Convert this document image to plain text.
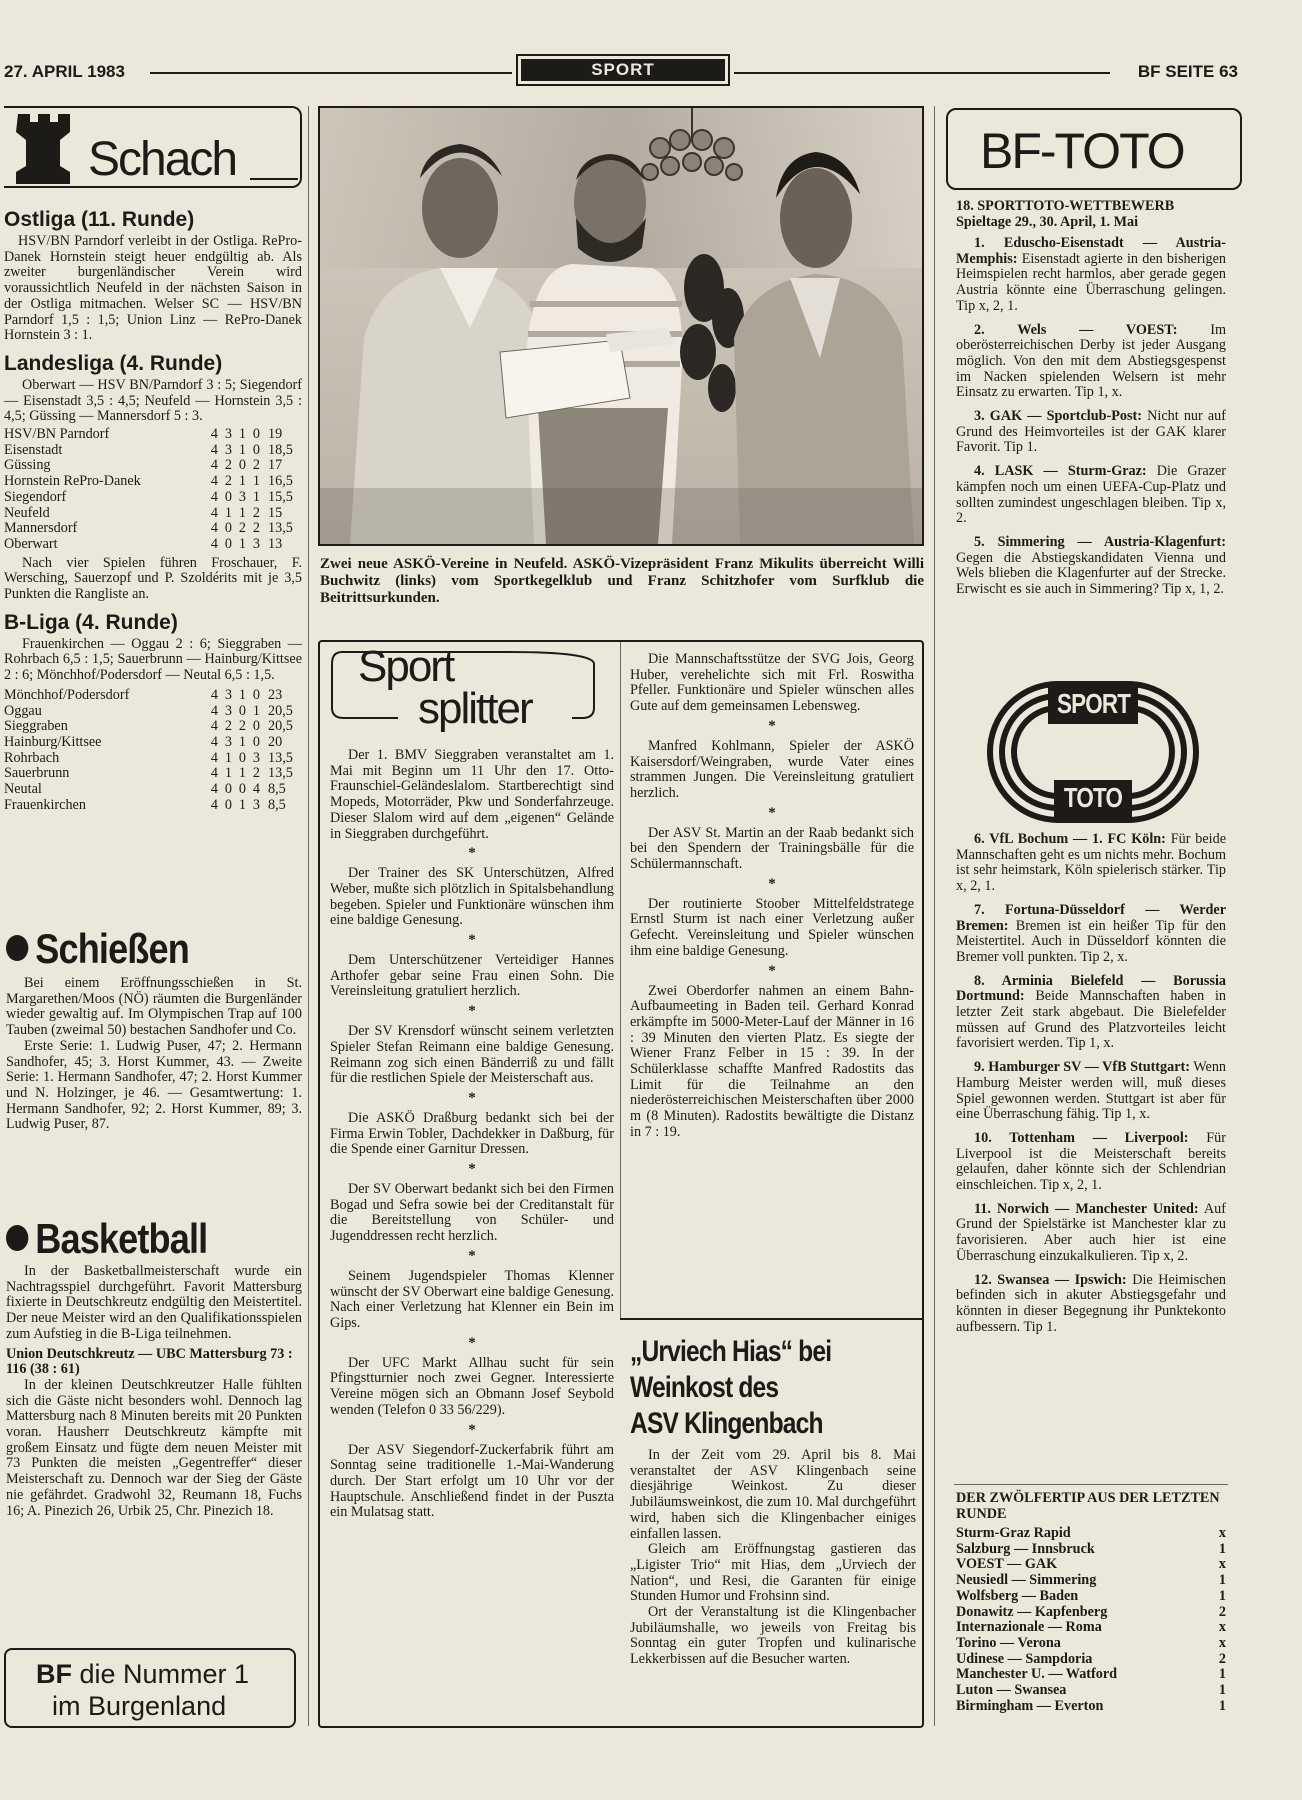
27. APRIL 1983	SPORT	BF SEITE 63
Schach
Ostliga (11. Runde)

HSV/BN Parndorf verleibt in der Ostliga. RePro-Danek Hornstein steigt heuer endgültig ab. Als zweiter burgenländischer Verein wird voraussichtlich Neufeld in der nächsten Saison in der Ostliga mitmachen. Welser SC — HSV/BN Parndorf 1,5 : 1,5; Union Linz — RePro-Danek Hornstein 3 : 1.

Landesliga (4. Runde)

Oberwart — HSV BN/Parndorf 3 : 5; Siegendorf — Eisenstadt 3,5 : 4,5; Neufeld — Hornstein 3,5 : 4,5; Güssing — Mannersdorf 5 : 3.

HSV/BN Parndorf	4	3	1	0	19
Eisenstadt	4	3	1	0	18,5
Güssing	4	2	0	2	17
Hornstein RePro-Danek	4	2	1	1	16,5
Siegendorf	4	0	3	1	15,5
Neufeld	4	1	1	2	15
Mannersdorf	4	0	2	2	13,5
Oberwart	4	0	1	3	13

Nach vier Spielen führen Froschauer, F. Wersching, Sauerzopf und P. Szoldérits mit je 3,5 Punkten die Rangliste an.

B-Liga (4. Runde)

Frauenkirchen — Oggau 2 : 6; Sieggraben — Rohrbach 6,5 : 1,5; Sauerbrunn — Hainburg/Kittsee 2 : 6; Mönchhof/Podersdorf — Neutal 6,5 : 1,5.

Mönchhof/Podersdorf	4	3	1	0	23
Oggau	4	3	0	1	20,5
Sieggraben	4	2	2	0	20,5
Hainburg/Kittsee	4	3	1	0	20
Rohrbach	4	1	0	3	13,5
Sauerbrunn	4	1	1	2	13,5
Neutal	4	0	0	4	8,5
Frauenkirchen	4	0	1	3	8,5
Schießen

Bei einem Eröffnungsschießen in St. Margarethen/Moos (NÖ) räumten die Burgenländer wieder gewaltig auf. Im Olympischen Trap auf 100 Tauben (zweimal 50) bestachen Sandhofer und Co.

Erste Serie: 1. Ludwig Puser, 47; 2. Hermann Sandhofer, 45; 3. Horst Kummer, 43. — Zweite Serie: 1. Hermann Sandhofer, 47; 2. Horst Kummer und N. Holzinger, je 46. — Gesamtwertung: 1. Hermann Sandhofer, 92; 2. Horst Kummer, 89; 3. Ludwig Puser, 87.

Basketball

In der Basketballmeisterschaft wurde ein Nachtragsspiel durchgeführt. Favorit Mattersburg fixierte in Deutschkreutz endgültig den Meistertitel. Der neue Meister wird an den Qualifikationsspielen zum Aufstieg in die B-Liga teilnehmen.

Union Deutschkreutz — UBC Mattersburg 73 : 116 (38 : 61)

In der kleinen Deutschkreutzer Halle fühlten sich die Gäste nicht besonders wohl. Dennoch lag Mattersburg nach 8 Minuten bereits mit 20 Punkten voran. Hausherr Deutschkreutz kämpfte mit großem Einsatz und fügte dem neuen Meister mit 73 Punkten die meisten „Gegentreffer“ dieser Meisterschaft zu. Dennoch war der Sieg der Gäste nie gefährdet. Gradwohl 32, Reumann 18, Fuchs 16; A. Pinezich 26, Urbik 25, Chr. Pinezich 18.

BF die Nummer 1
im Burgenland
Zwei neue ASKÖ-Vereine in Neufeld. ASKÖ-Vizepräsident Franz Mikulits überreicht Willi Buchwitz (links) vom Sportkegelklub und Franz Schitzhofer vom Surfklub die Beitrittsurkunden.
Sport
splitter

Der 1. BMV Sieggraben veranstaltet am 1. Mai mit Beginn um 11 Uhr den 17. Otto-Fraunschiel-Geländeslalom. Startberechtigt sind Mopeds, Motorräder, Pkw und Sonderfahrzeuge. Dieser Slalom wird auf dem „eigenen“ Gelände in Sieggraben durchgeführt.

*

Der Trainer des SK Unterschützen, Alfred Weber, mußte sich plötzlich in Spitalsbehandlung begeben. Spieler und Funktionäre wünschen ihm eine baldige Genesung.

*

Dem Unterschützener Verteidiger Hannes Arthofer gebar seine Frau einen Sohn. Die Vereinsleitung gratuliert herzlich.

*

Der SV Krensdorf wünscht seinem verletzten Spieler Stefan Reimann eine baldige Genesung. Reimann zog sich einen Bänderriß zu und fällt für die restlichen Spiele der Meisterschaft aus.

*

Die ASKÖ Draßburg bedankt sich bei der Firma Erwin Tobler, Dachdekker in Daßburg, für die Spende einer Garnitur Dressen.

*

Der SV Oberwart bedankt sich bei den Firmen Bogad und Sefra sowie bei der Creditanstalt für die Bereitstellung von Schüler- und Jugenddressen recht herzlich.

*

Seinem Jugendspieler Thomas Klenner wünscht der SV Oberwart eine baldige Genesung. Nach einer Verletzung hat Klenner ein Bein im Gips.

*

Der UFC Markt Allhau sucht für sein Pfingstturnier noch zwei Gegner. Interessierte Vereine mögen sich an Obmann Josef Seybold wenden (Telefon 0 33 56/229).

*

Der ASV Siegendorf-Zuckerfabrik führt am Sonntag seine traditionelle 1.-Mai-Wanderung durch. Der Start erfolgt um 10 Uhr vor der Hauptschule. Anschließend findet in der Puszta ein Mulatsag statt.

Die Mannschaftsstütze der SVG Jois, Georg Huber, verehelichte sich mit Frl. Roswitha Pfeller. Funktionäre und Spieler wünschen alles Gute auf dem gemeinsamen Lebensweg.

*

Manfred Kohlmann, Spieler der ASKÖ Kaisersdorf/Weingraben, wurde Vater eines strammen Jungen. Die Vereinsleitung gratuliert herzlich.

*

Der ASV St. Martin an der Raab bedankt sich bei den Spendern der Trainingsbälle für die Schülermannschaft.

*

Der routinierte Stoober Mittelfeldstratege Ernstl Sturm ist nach einer Verletzung außer Gefecht. Vereinsleitung und Spieler wünschen ihm eine baldige Genesung.

*

Zwei Oberdorfer nahmen an einem Bahn-Aufbaumeeting in Baden teil. Gerhard Konrad erkämpfte im 5000-Meter-Lauf der Männer in 16 : 39 Minuten den vierten Platz. Es siegte der Wiener Franz Felber in 15 : 39. In der Schülerklasse schaffte Manfred Radostits das Limit für die Teilnahme an den niederösterreichischen Meisterschaften über 2000 m (8 Minuten). Radostits bewältigte die Distanz in 7 : 19.

„Urviech Hias“ bei
Weinkost des
ASV Klingenbach

In der Zeit vom 29. April bis 8. Mai veranstaltet der ASV Klingenbach seine diesjährige Weinkost. Zu dieser Jubiläumsweinkost, die zum 10. Mal durchgeführt wird, haben sich die Klingenbacher einiges einfallen lassen.

Gleich am Eröffnungstag gastieren das „Ligister Trio“ mit Hias, dem „Urviech der Nation“, und Resi, die Garanten für einige Stunden Humor und Frohsinn sind.

Ort der Veranstaltung ist die Klingenbacher Jubiläumshalle, wo jeweils von Freitag bis Sonntag ein guter Tropfen und kulinarische Lekkerbissen auf die Besucher warten.

BF-TOTO
18. SPORTTOTO-WETTBEWERB
Spieltage 29., 30. April, 1. Mai

1. Eduscho-Eisenstadt — Austria-Memphis: Eisenstadt agierte in den bisherigen Heimspielen recht harmlos, aber gerade gegen Austria könnte eine Überraschung gelingen. Tip x, 2, 1.

2. Wels — VOEST: Im oberösterreichischen Derby ist jeder Ausgang möglich. Von den mit dem Abstiegsgespenst im Nacken spielenden Welsern ist mehr Einsatz zu erwarten. Tip 1, x.

3. GAK — Sportclub-Post: Nicht nur auf Grund des Heimvorteiles ist der GAK klarer Favorit. Tip 1.

4. LASK — Sturm-Graz: Die Grazer kämpfen noch um einen UEFA-Cup-Platz und sollten zumindest ungeschlagen bleiben. Tip x, 2.

5. Simmering — Austria-Klagenfurt: Gegen die Abstiegskandidaten Vienna und Wels blieben die Klagenfurter auf der Strecke. Erwischt es sie auch in Simmering? Tip x, 1, 2.

SPORT
TOTO

6. VfL Bochum — 1. FC Köln: Für beide Mannschaften geht es um nichts mehr. Bochum ist sehr heimstark, Köln spielerisch stärker. Tip x, 2, 1.

7. Fortuna-Düsseldorf — Werder Bremen: Bremen ist ein heißer Tip für den Meistertitel. Auch in Düsseldorf könnten die Bremer voll punkten. Tip 2, x.

8. Arminia Bielefeld — Borussia Dortmund: Beide Mannschaften haben in letzter Zeit stark abgebaut. Die Bielefelder müssen auf Grund des Platzvorteiles leicht favorisiert werden. Tip 1, x.

9. Hamburger SV — VfB Stuttgart: Wenn Hamburg Meister werden will, muß dieses Spiel gewonnen werden. Stuttgart ist aber für eine Überraschung fähig. Tip 1, x.

10. Tottenham — Liverpool: Für Liverpool ist die Meisterschaft bereits gelaufen, daher könnte sich der Schlendrian einschleichen. Tip x, 2, 1.

11. Norwich — Manchester United: Auf Grund der Spielstärke ist Manchester klar zu favorisieren. Aber auch hier ist eine Überraschung einzukalkulieren. Tip x, 2.

12. Swansea — Ipswich: Die Heimischen befinden sich in akuter Abstiegsgefahr und könnten in dieser Begegnung ihr Punktekonto aufbessern. Tip 1.

DER ZWÖLFERTIP AUS DER LETZTEN RUNDE
Sturm-Graz Rapid	x
Salzburg — Innsbruck	1
VOEST — GAK	x
Neusiedl — Simmering	1
Wolfsberg — Baden	1
Donawitz — Kapfenberg	2
Internazionale — Roma	x
Torino — Verona	x
Udinese — Sampdoria	2
Manchester U. — Watford	1
Luton — Swansea	1
Birmingham — Everton	1
